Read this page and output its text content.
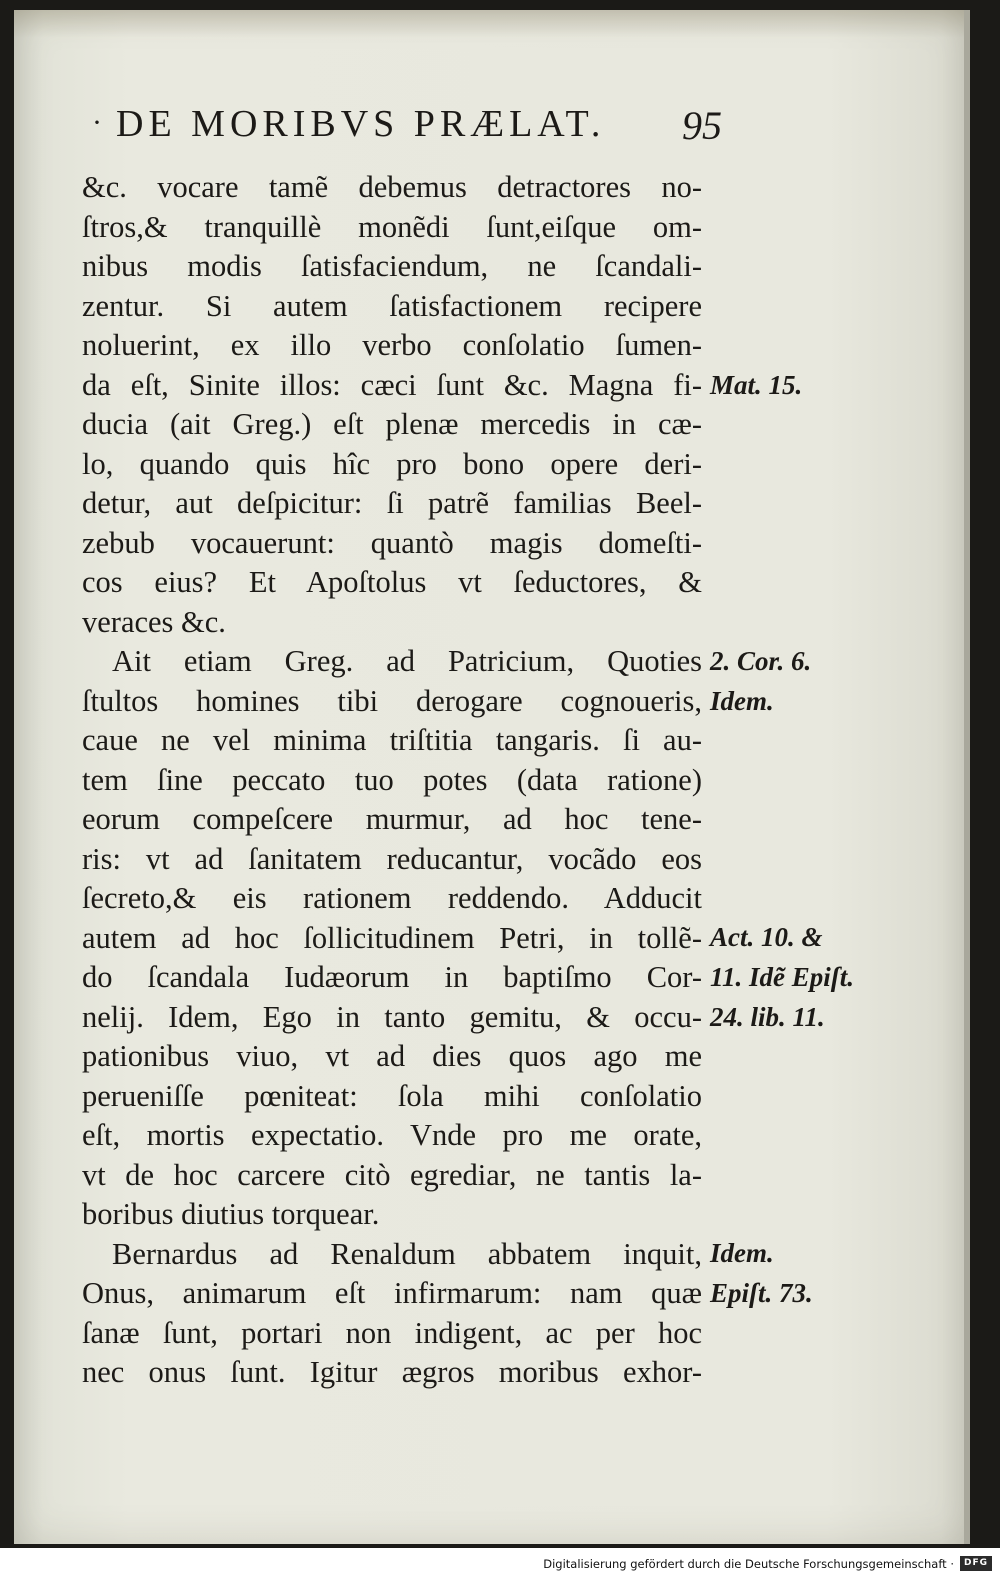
· DE MORIBVS PRÆLAT. 95
&c. vocare tamẽ debemus detractores no-
ſtros,& tranquillè monẽdi ſunt,eiſque om-
nibus modis ſatisfaciendum, ne ſcandali-
zentur. Si autem ſatisfactionem recipere
noluerint, ex illo verbo conſolatio ſumen-
da eſt, Sinite illos: cæci ſunt &c. Magna fi-
ducia (ait Greg.) eſt plenæ mercedis in cæ-
lo, quando quis hîc pro bono opere deri-
detur, aut deſpicitur: ſi patrẽ familias Beel-
zebub vocauerunt: quantò magis domeſti-
cos eius? Et Apoſtolus vt ſeductores, &
veraces &c.
Ait etiam Greg. ad Patricium, Quoties
ſtultos homines tibi derogare cognoueris,
caue ne vel minima triſtitia tangaris. ſi au-
tem ſine peccato tuo potes (data ratione)
eorum compeſcere murmur, ad hoc tene-
ris: vt ad ſanitatem reducantur, vocãdo eos
ſecreto,& eis rationem reddendo. Adducit
autem ad hoc ſollicitudinem Petri, in tollẽ-
do ſcandala Iudæorum in baptiſmo Cor-
nelij. Idem, Ego in tanto gemitu, & occu-
pationibus viuo, vt ad dies quos ago me
perueniſſe pœniteat: ſola mihi conſolatio
eſt, mortis expectatio. Vnde pro me orate,
vt de hoc carcere citò egrediar, ne tantis la-
boribus diutius torquear.
Bernardus ad Renaldum abbatem inquit,
Onus, animarum eſt infirmarum: nam quæ
ſanæ ſunt, portari non indigent, ac per hoc
nec onus ſunt. Igitur ægros moribus exhor-
Mat. 15.
2. Cor. 6.
Idem.
Act. 10. &
11. Idẽ Epiſt.
24. lib. 11.
Idem.
Epiſt. 73.
Digitalisierung gefördert durch die Deutsche Forschungsgemeinschaft ·	DFG
